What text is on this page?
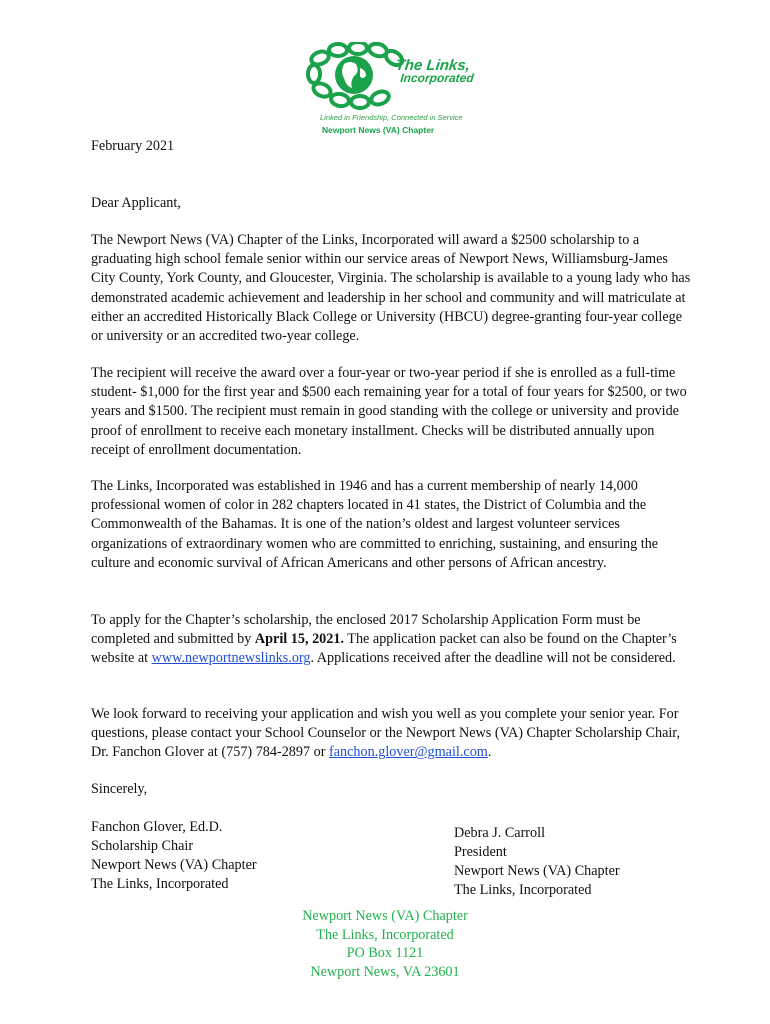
The Links,
Incorporated
Linked in Friendship, Connected in Service
Newport News (VA) Chapter
February 2021
Dear Applicant,

The Newport News (VA) Chapter of the Links, Incorporated will award a $2500 scholarship to a graduating high school female senior within our service areas of Newport News, Williamsburg-James City County, York County, and Gloucester, Virginia. The scholarship is available to a young lady who has demonstrated academic achievement and leadership in her school and community and will matriculate at either an accredited Historically Black College or University (HBCU) degree-granting four-year college or university or an accredited two-year college.

The recipient will receive the award over a four-year or two-year period if she is enrolled as a full-time student- $1,000 for the first year and $500 each remaining year for a total of four years for $2500, or two years and $1500. The recipient must remain in good standing with the college or university and provide proof of enrollment to receive each monetary installment. Checks will be distributed annually upon receipt of enrollment documentation.

The Links, Incorporated was established in 1946 and has a current membership of nearly 14,000 professional women of color in 282 chapters located in 41 states, the District of Columbia and the Commonwealth of the Bahamas. It is one of the nation’s oldest and largest volunteer services organizations of extraordinary women who are committed to enriching, sustaining, and ensuring the culture and economic survival of African Americans and other persons of African ancestry.

To apply for the Chapter’s scholarship, the enclosed 2017 Scholarship Application Form must be completed and submitted by April 15, 2021. The application packet can also be found on the Chapter’s website at www.newportnewslinks.org. Applications received after the deadline will not be considered.

We look forward to receiving your application and wish you well as you complete your senior year. For questions, please contact your School Counselor or the Newport News (VA) Chapter Scholarship Chair, Dr. Fanchon Glover at (757) 784-2897 or fanchon.glover@gmail.com.

Sincerely,
Fanchon Glover, Ed.D.
Scholarship Chair
Newport News (VA) Chapter
The Links, Incorporated
Debra J. Carroll
President
Newport News (VA) Chapter
The Links, Incorporated
Newport News (VA) Chapter
The Links, Incorporated
PO Box 1121
Newport News, VA 23601
